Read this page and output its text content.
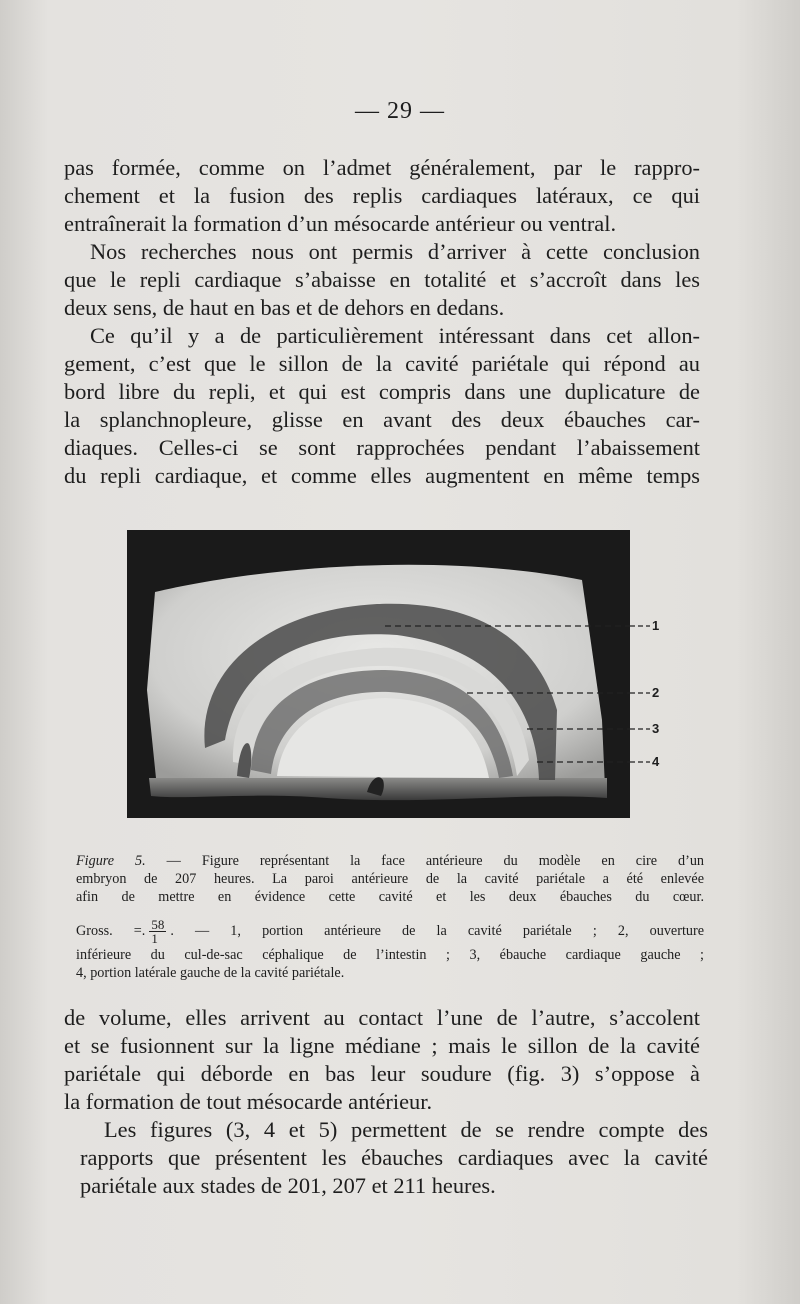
— 29 —

pas formée, comme on l’admet généralement, par le rappro-
chement et la fusion des replis cardiaques latéraux, ce qui
entraînerait la formation d’un mésocarde antérieur ou ventral.

Nos recherches nous ont permis d’arriver à cette conclusion
que le repli cardiaque s’abaisse en totalité et s’accroît dans les
deux sens, de haut en bas et de dehors en dedans.

Ce qu’il y a de particulièrement intéressant dans cet allon-
gement, c’est que le sillon de la cavité pariétale qui répond au
bord libre du repli, et qui est compris dans une duplicature de
la splanchnopleure, glisse en avant des deux ébauches car-
diaques. Celles-ci se sont rapprochées pendant l’abaissement
du repli cardiaque, et comme elles augmentent en même temps

1
2
3
4
Figure 5. — Figure représentant la face antérieure du modèle en cire d’un
embryon de 207 heures. La paroi antérieure de la cavité pariétale a été enlevée
afin de mettre en évidence cette cavité et les deux ébauches du cœur.
Gross. =. $\frac{58}{1}$ . — 1, portion antérieure de la cavité pariétale ; 2, ouverture
inférieure du cul-de-sac céphalique de l’intestin ; 3, ébauche cardiaque gauche ;
4, portion latérale gauche de la cavité pariétale.

de volume, elles arrivent au contact l’une de l’autre, s’accolent
et se fusionnent sur la ligne médiane ; mais le sillon de la cavité
pariétale qui déborde en bas leur soudure (fig. 3) s’oppose à
la formation de tout mésocarde antérieur.

Les figures (3, 4 et 5) permettent de se rendre compte des
rapports que présentent les ébauches cardiaques avec la cavité
pariétale aux stades de 201, 207 et 211 heures.
